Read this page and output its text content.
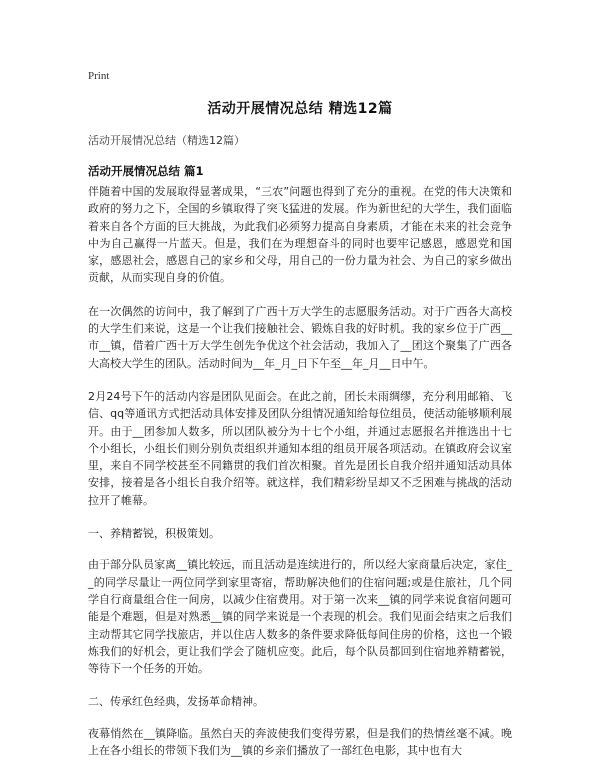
Print
活动开展情况总结 精选12篇
活动开展情况总结（精选12篇）
活动开展情况总结 篇1

伴随着中国的发展取得显著成果，“三农”问题也得到了充分的重视。在党的伟大决策和政府的努力之下，全国的乡镇取得了突飞猛进的发展。作为新世纪的大学生，我们面临着来自各个方面的巨大挑战，为此我们必须努力提高自身素质，才能在未来的社会竞争中为自己赢得一片蓝天。但是，我们在为理想奋斗的同时也要牢记感恩，感恩党和国家，感恩社会，感恩自己的家乡和父母，用自己的一份力量为社会、为自己的家乡做出贡献，从而实现自身的价值。

在一次偶然的访问中，我了解到了广西十万大学生的志愿服务活动。对于广西各大高校的大学生们来说，这是一个让我们接触社会、锻炼自我的好时机。我的家乡位于广西__市__镇，借着广西十万大学生创先争优这个社会活动，我加入了__团这个聚集了广西各大高校大学生的团队。活动时间为__年_月_日下午至__年_月__日中午。

2月24号下午的活动内容是团队见面会。在此之前，团长未雨绸缪，充分利用邮箱、飞信、qq等通讯方式把活动具体安排及团队分组情况通知给每位组员，使活动能够顺利展开。由于__团参加人数多，所以团队被分为十七个小组，并通过志愿报名并推选出十七个小组长，小组长们则分别负责组织并通知本组的组员开展各项活动。在镇政府会议室里，来自不同学校甚至不同籍贯的我们首次相聚。首先是团长自我介绍并通知活动具体安排，接着是各小组长自我介绍等。就这样，我们精彩纷呈却又不乏困难与挑战的活动拉开了帷幕。

一、养精蓄锐，积极策划。

由于部分队员家离__镇比较远，而且活动是连续进行的，所以经大家商量后决定，家住__的同学尽量让一两位同学到家里寄宿，帮助解决他们的住宿问题;或是住旅社，几个同学自行商量组合住一间房，以减少住宿费用。对于第一次来__镇的同学来说食宿问题可能是个难题，但是对熟悉__镇的同学来说是一个表现的机会。我们见面会结束之后我们主动帮其它同学找旅店，并以住店人数多的条件要求降低每间住房的价格，这也一个锻炼我们的好机会，更让我们学会了随机应变。此后，每个队员都回到住宿地养精蓄锐，等待下一个任务的开始。

二、传承红色经典，发扬革命精神。

夜幕悄然在__镇降临。虽然白天的奔波使我们变得劳累，但是我们的热情丝毫不减。晚上在各小组长的带领下我们为__镇的乡亲们播放了一部红色电影，其中也有大
